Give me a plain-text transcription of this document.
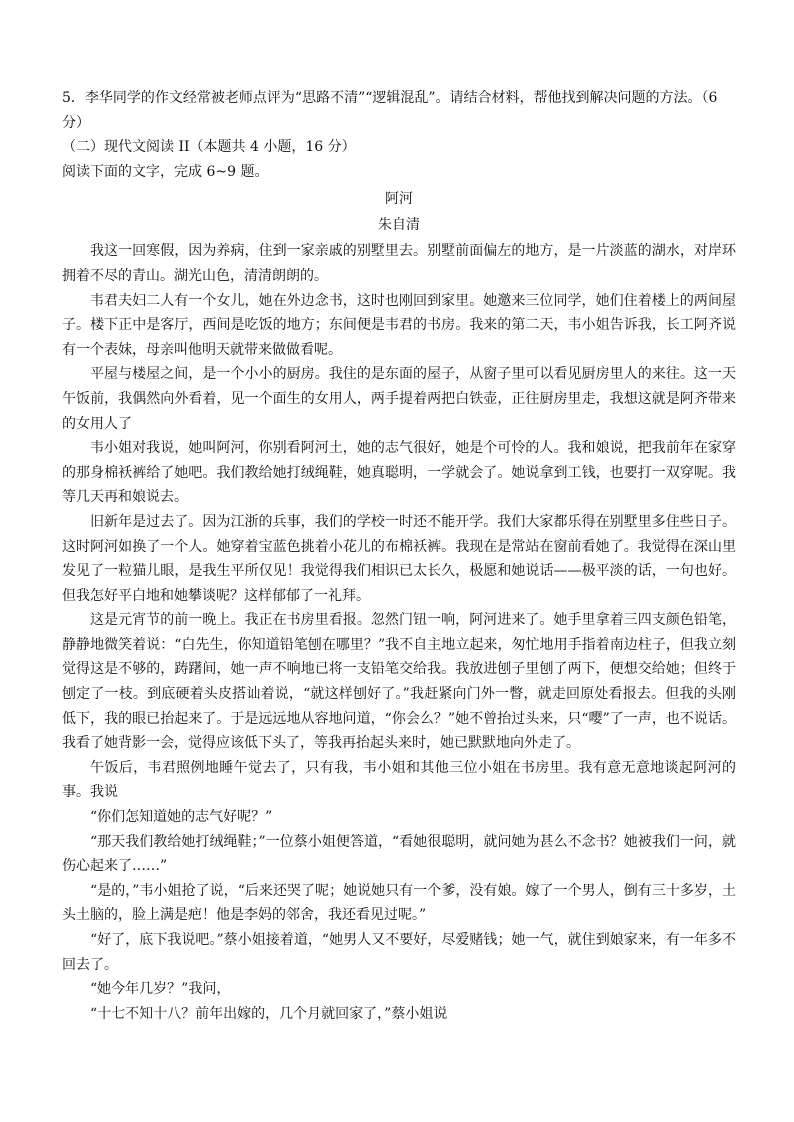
5．李华同学的作文经常被老师点评为“思路不清”“逻辑混乱”。请结合材料，帮他找到解决问题的方法。（6分）

（二）现代文阅读 II（本题共 4 小题，16 分）

阅读下面的文字，完成 6~9 题。

阿河

朱自清

我这一回寒假，因为养病，住到一家亲戚的别墅里去。别墅前面偏左的地方，是一片淡蓝的湖水，对岸环拥着不尽的青山。湖光山色，清清朗朗的。

韦君夫妇二人有一个女儿，她在外边念书，这时也刚回到家里。她邀来三位同学，她们住着楼上的两间屋子。楼下正中是客厅，西间是吃饭的地方；东间便是韦君的书房。我来的第二天，韦小姐告诉我，长工阿齐说有一个表妹，母亲叫他明天就带来做做看呢。

平屋与楼屋之间，是一个小小的厨房。我住的是东面的屋子，从窗子里可以看见厨房里人的来往。这一天午饭前，我偶然向外看着，见一个面生的女用人，两手提着两把白铁壶，正往厨房里走，我想这就是阿齐带来的女用人了

韦小姐对我说，她叫阿河，你别看阿河土，她的志气很好，她是个可怜的人。我和娘说，把我前年在家穿的那身棉袄裤给了她吧。我们教给她打绒绳鞋，她真聪明，一学就会了。她说拿到工钱，也要打一双穿呢。我等几天再和娘说去。

旧新年是过去了。因为江浙的兵事，我们的学校一时还不能开学。我们大家都乐得在别墅里多住些日子。这时阿河如换了一个人。她穿着宝蓝色挑着小花儿的布棉袄裤。我现在是常站在窗前看她了。我觉得在深山里发见了一粒猫儿眼，是我生平所仅见！我觉得我们相识已太长久，极愿和她说话——极平淡的话，一句也好。但我怎好平白地和她攀谈呢？这样郁郁了一礼拜。

这是元宵节的前一晚上。我正在书房里看报。忽然门钮一响，阿河进来了。她手里拿着三四支颜色铅笔，静静地微笑着说：“白先生，你知道铅笔刨在哪里？”我不自主地立起来，匆忙地用手指着南边柱子，但我立刻觉得这是不够的，踌躇间，她一声不响地已将一支铅笔交给我。我放进刨子里刨了两下，便想交给她；但终于刨定了一枝。到底硬着头皮搭讪着说，“就这样刨好了。”我赶紧向门外一瞥，就走回原处看报去。但我的头刚低下，我的眼已抬起来了。于是远远地从容地问道，“你会么？”她不曾抬过头来，只“嘤”了一声，也不说话。我看了她背影一会，觉得应该低下头了，等我再抬起头来时，她已默默地向外走了。

午饭后，韦君照例地睡午觉去了，只有我，韦小姐和其他三位小姐在书房里。我有意无意地谈起阿河的事。我说

“你们怎知道她的志气好呢？”

“那天我们教给她打绒绳鞋；”一位蔡小姐便答道，“看她很聪明，就问她为甚么不念书？她被我们一问，就伤心起来了……”

“是的，”韦小姐抢了说，“后来还哭了呢；她说她只有一个爹，没有娘。嫁了一个男人，倒有三十多岁，土头土脑的，脸上满是疤！他是李妈的邻舍，我还看见过呢。”

“好了，底下我说吧。”蔡小姐接着道，“她男人又不要好，尽爱赌钱；她一气，就住到娘家来，有一年多不回去了。

“她今年几岁？”我问，

“十七不知十八？前年出嫁的，几个月就回家了，”蔡小姐说
